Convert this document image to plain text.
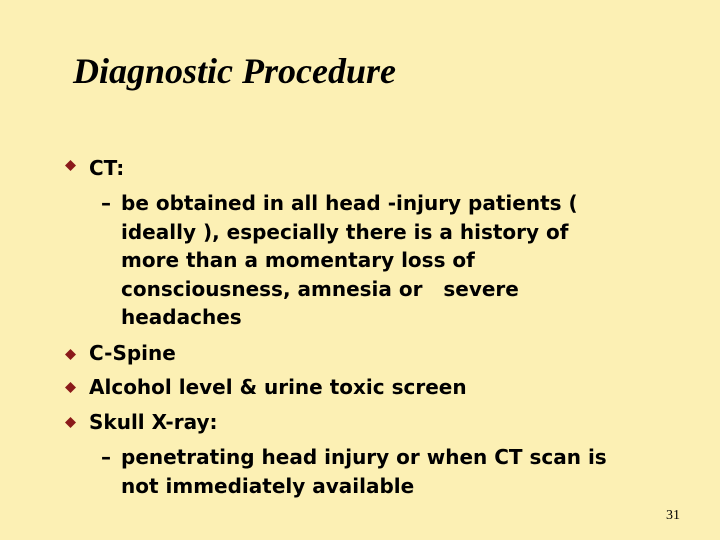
Diagnostic Procedure
CT:
– be obtained in all head -injury patients (
ideally ), especially there is a history of
more than a momentary loss of
consciousness, amnesia or   severe
headaches
C-Spine
Alcohol level & urine toxic screen
Skull X-ray:
– penetrating head injury or when CT scan is
not immediately available
31
